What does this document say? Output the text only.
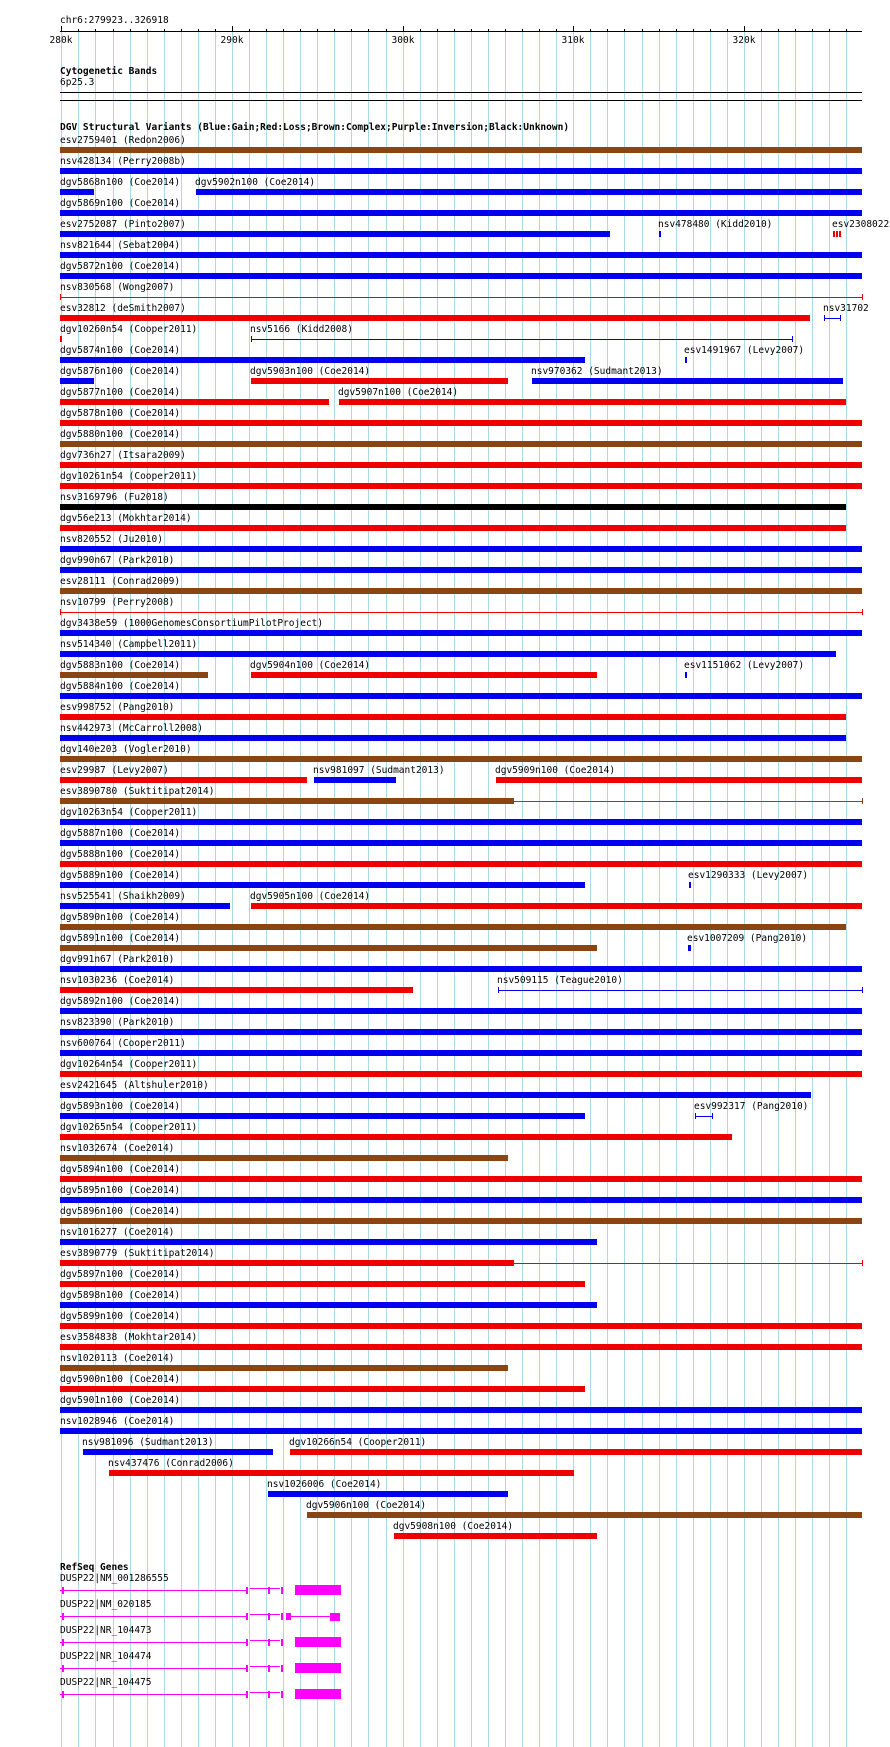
chr6:279923..326918
280k	290k	300k	310k	320k
Cytogenetic Bands
6p25.3
DGV Structural Variants (Blue:Gain;Red:Loss;Brown:Complex;Purple:Inversion;Black:Unknown)
esv2759401 (Redon2006)
nsv428134 (Perry2008b)
dgv5868n100 (Coe2014) dgv5902n100 (Coe2014)
dgv5869n100 (Coe2014)
esv2752087 (Pinto2007)	nsv478480 (Kidd2010)	esv2308022
nsv821644 (Sebat2004)
dgv5872n100 (Coe2014)
nsv830568 (Wong2007)
esv32812 (deSmith2007)	nsv31702
dgv10260n54 (Cooper2011)	nsv5166 (Kidd2008)
dgv5874n100 (Coe2014)	esv1491967 (Levy2007)
dgv5876n100 (Coe2014)	dgv5903n100 (Coe2014)	nsv970362 (Sudmant2013)
dgv5877n100 (Coe2014)	dgv5907n100 (Coe2014)
dgv5878n100 (Coe2014)
dgv5880n100 (Coe2014)
dgv736n27 (Itsara2009)
dgv10261n54 (Cooper2011)
nsv3169796 (Fu2018)
dgv56e213 (Mokhtar2014)
nsv820552 (Ju2010)
dgv990n67 (Park2010)
esv28111 (Conrad2009)
nsv10799 (Perry2008)
dgv3438e59 (1000GenomesConsortiumPilotProject)
nsv514340 (Campbell2011)
dgv5883n100 (Coe2014)	dgv5904n100 (Coe2014)	esv1151062 (Levy2007)
dgv5884n100 (Coe2014)
esv998752 (Pang2010)
nsv442973 (McCarroll2008)
dgv140e203 (Vogler2010)
esv29987 (Levy2007)	nsv981097 (Sudmant2013)	dgv5909n100 (Coe2014)
esv3890780 (Suktitipat2014)
dgv10263n54 (Cooper2011)
dgv5887n100 (Coe2014)
dgv5888n100 (Coe2014)
dgv5889n100 (Coe2014)	esv1290333 (Levy2007)
nsv525541 (Shaikh2009)	dgv5905n100 (Coe2014)
dgv5890n100 (Coe2014)
dgv5891n100 (Coe2014)	esv1007209 (Pang2010)
dgv991n67 (Park2010)
nsv1030236 (Coe2014)	nsv509115 (Teague2010)
dgv5892n100 (Coe2014)
nsv823390 (Park2010)
nsv600764 (Cooper2011)
dgv10264n54 (Cooper2011)
esv2421645 (Altshuler2010)
dgv5893n100 (Coe2014)	esv992317 (Pang2010)
dgv10265n54 (Cooper2011)
nsv1032674 (Coe2014)
dgv5894n100 (Coe2014)
dgv5895n100 (Coe2014)
dgv5896n100 (Coe2014)
nsv1016277 (Coe2014)
esv3890779 (Suktitipat2014)
dgv5897n100 (Coe2014)
dgv5898n100 (Coe2014)
dgv5899n100 (Coe2014)
esv3584838 (Mokhtar2014)
nsv1020113 (Coe2014)
dgv5900n100 (Coe2014)
dgv5901n100 (Coe2014)
nsv1028946 (Coe2014)
nsv981096 (Sudmant2013)	dgv10266n54 (Cooper2011)
nsv437476 (Conrad2006)
nsv1026006 (Coe2014)
dgv5906n100 (Coe2014)
dgv5908n100 (Coe2014)
RefSeq Genes
DUSP22|NM_001286555
DUSP22|NM_020185
DUSP22|NR_104473
DUSP22|NR_104474
DUSP22|NR_104475
